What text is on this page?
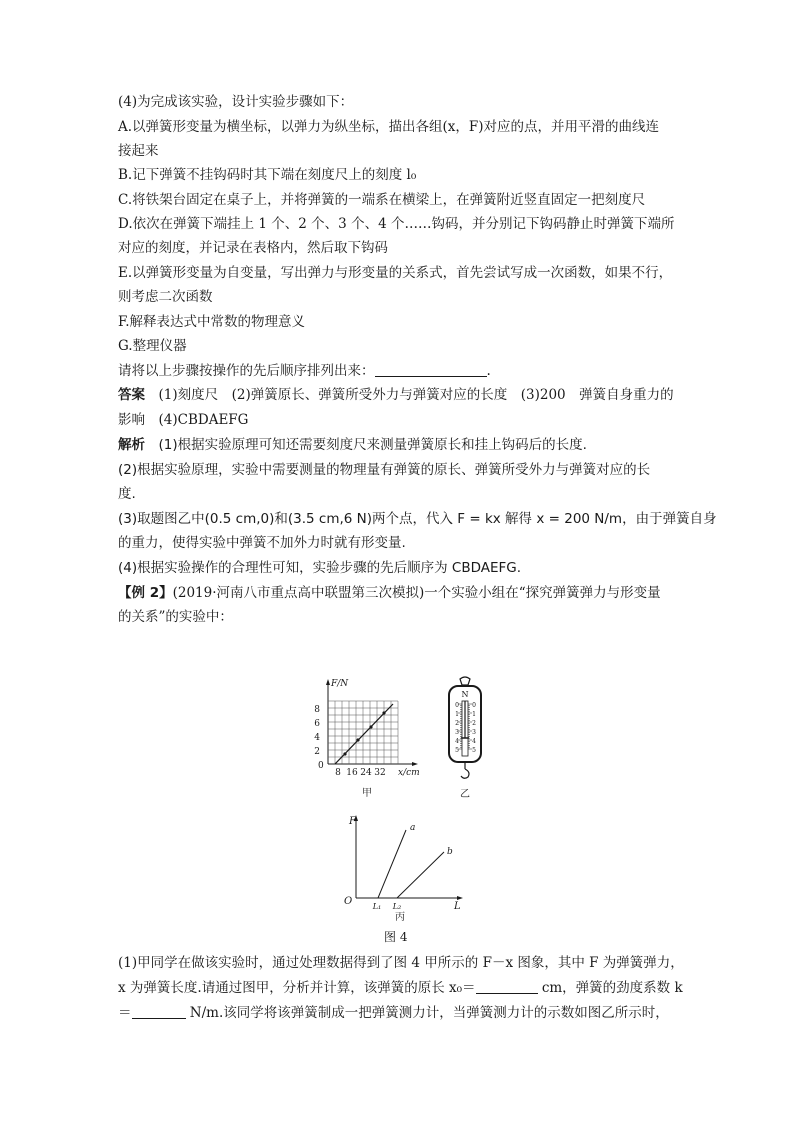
(4)为完成该实验，设计实验步骤如下：
A.以弹簧形变量为横坐标，以弹力为纵坐标，描出各组(x，F)对应的点，并用平滑的曲线连
接起来
B.记下弹簧不挂钩码时其下端在刻度尺上的刻度 l₀
C.将铁架台固定在桌子上，并将弹簧的一端系在横梁上，在弹簧附近竖直固定一把刻度尺
D.依次在弹簧下端挂上 1 个、2 个、3 个、4 个……钩码，并分别记下钩码静止时弹簧下端所
对应的刻度，并记录在表格内，然后取下钩码
E.以弹簧形变量为自变量，写出弹力与形变量的关系式，首先尝试写成一次函数，如果不行，
则考虑二次函数
F.解释表达式中常数的物理意义
G.整理仪器
请将以上步骤按操作的先后顺序排列出来：	.
答案　 (1)刻度尺　(2)弹簧原长、弹簧所受外力与弹簧对应的长度　(3)200　弹簧自身重力的
影响　(4)CBDAEFG
解析　 (1)根据实验原理可知还需要刻度尺来测量弹簧原长和挂上钩码后的长度.
(2)根据实验原理，实验中需要测量的物理量有弹簧的原长、弹簧所受外力与弹簧对应的长
度.
(3)取题图乙中(0.5 cm,0)和(3.5 cm,6 N)两个点，代入 F = kx 解得 x = 200 N/m，由于弹簧自身
的重力，使得实验中弹簧不加外力时就有形变量.
(4)根据实验操作的合理性可知，实验步骤的先后顺序为 CBDAEFG.
【例 2】(2019·河南八市重点高中联盟第三次模拟)一个实验小组在“探究弹簧弹力与形变量
的关系”的实验中：
F/N
8
6
4
2
0
8 16 24 32 x/cm
甲
N
0
1
2
3
4
5
0
1
2
3
4
5
乙
F
O
a
b
L₁ L₂	L
丙
图 4
(1)甲同学在做该实验时，通过处理数据得到了图 4 甲所示的 F－x 图象，其中 F 为弹簧弹力，
x 为弹簧长度.请通过图甲，分析并计算，该弹簧的原长 x₀＝	cm，弹簧的劲度系数 k
＝	N/m.该同学将该弹簧制成一把弹簧测力计，当弹簧测力计的示数如图乙所示时，
